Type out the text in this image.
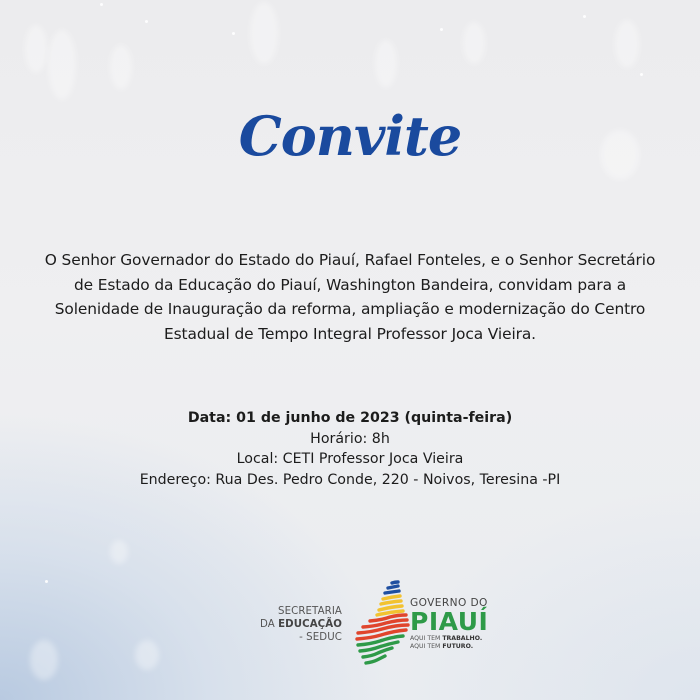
Convite
O Senhor Governador do Estado do Piauí, Rafael Fonteles, e o Senhor Secretário
de Estado da Educação do Piauí, Washington Bandeira, convidam para a
Solenidade de Inauguração da reforma, ampliação e modernização do Centro
Estadual de Tempo Integral Professor Joca Vieira.
Data: 01 de junho de 2023 (quinta-feira)
Horário: 8h
Local: CETI Professor Joca Vieira
Endereço: Rua Des. Pedro Conde, 220 - Noivos, Teresina -PI
SECRETARIA
DA EDUCAÇÃO  - SEDUC
GOVERNO DO
PIAUÍ
AQUI TEM TRABALHO.
AQUI TEM FUTURO.
